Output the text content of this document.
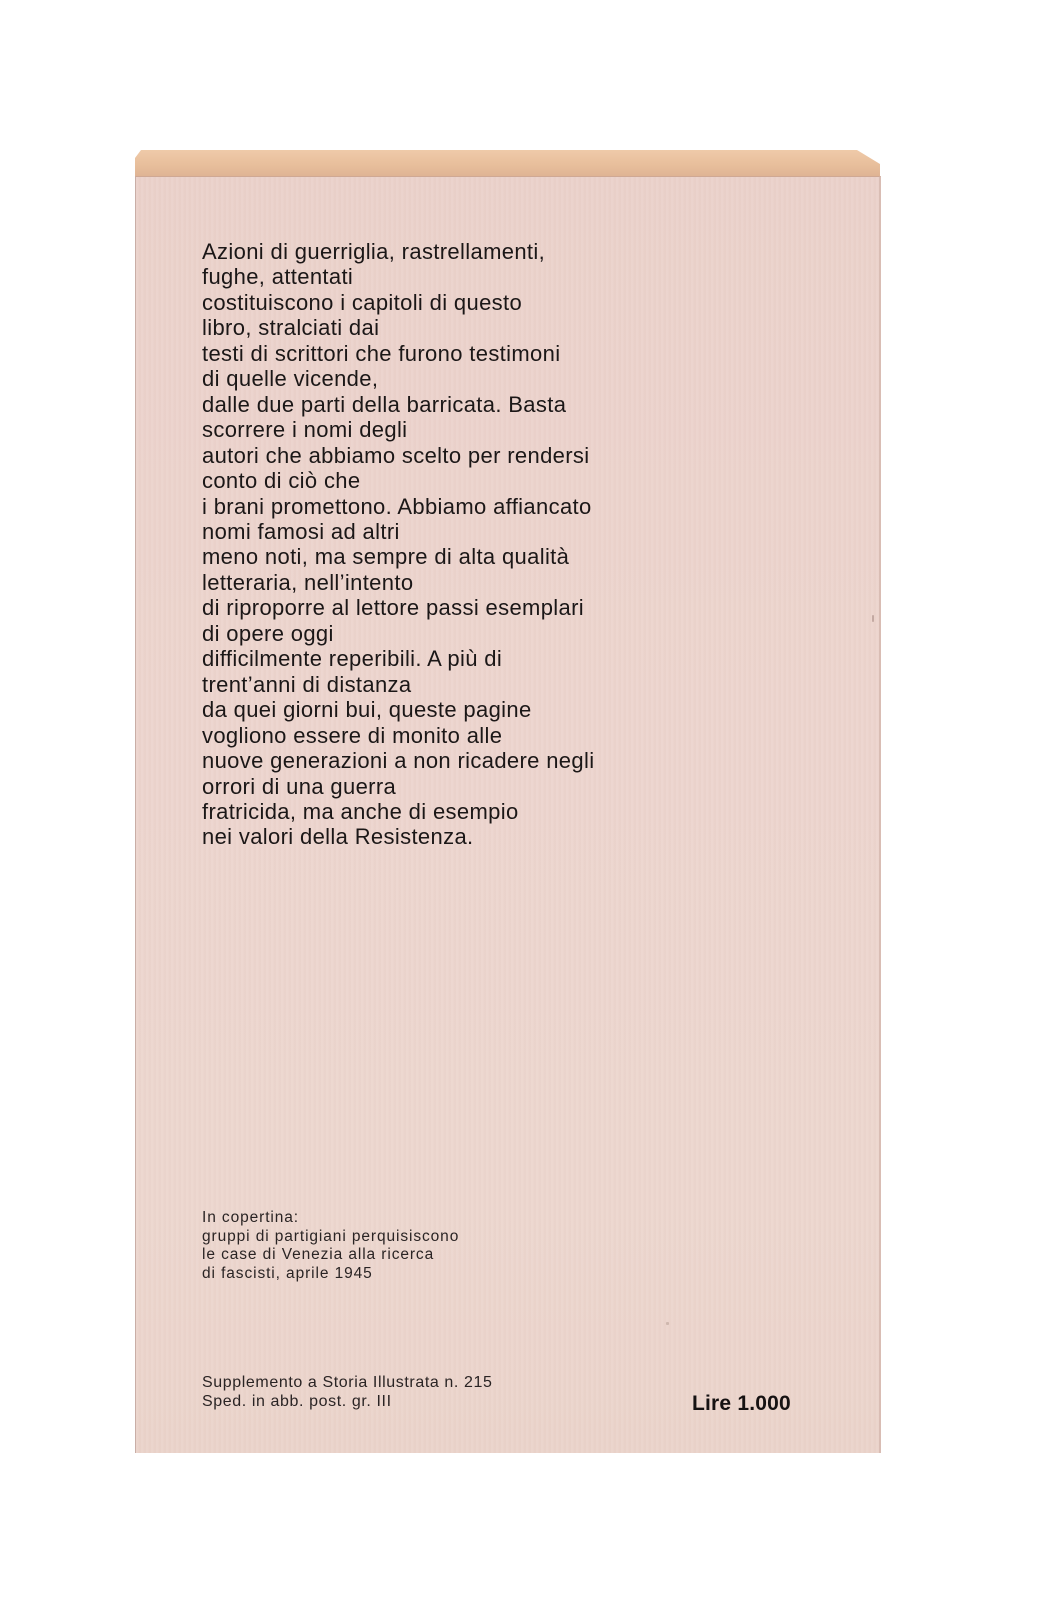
Azioni di guerriglia, rastrellamenti,
fughe, attentati
costituiscono i capitoli di questo
libro, stralciati dai
testi di scrittori che furono testimoni
di quelle vicende,
dalle due parti della barricata. Basta
scorrere i nomi degli
autori che abbiamo scelto per rendersi
conto di ciò che
i brani promettono. Abbiamo affiancato
nomi famosi ad altri
meno noti, ma sempre di alta qualità
letteraria, nell’intento
di riproporre al lettore passi esemplari
di opere oggi
difficilmente reperibili. A più di
trent’anni di distanza
da quei giorni bui, queste pagine
vogliono essere di monito alle
nuove generazioni a non ricadere negli
orrori di una guerra
fratricida, ma anche di esempio
nei valori della Resistenza.
In copertina:
gruppi di partigiani perquisiscono
le case di Venezia alla ricerca
di fascisti, aprile 1945
Supplemento a Storia Illustrata n. 215
Sped. in abb. post. gr. III	Lire 1.000
